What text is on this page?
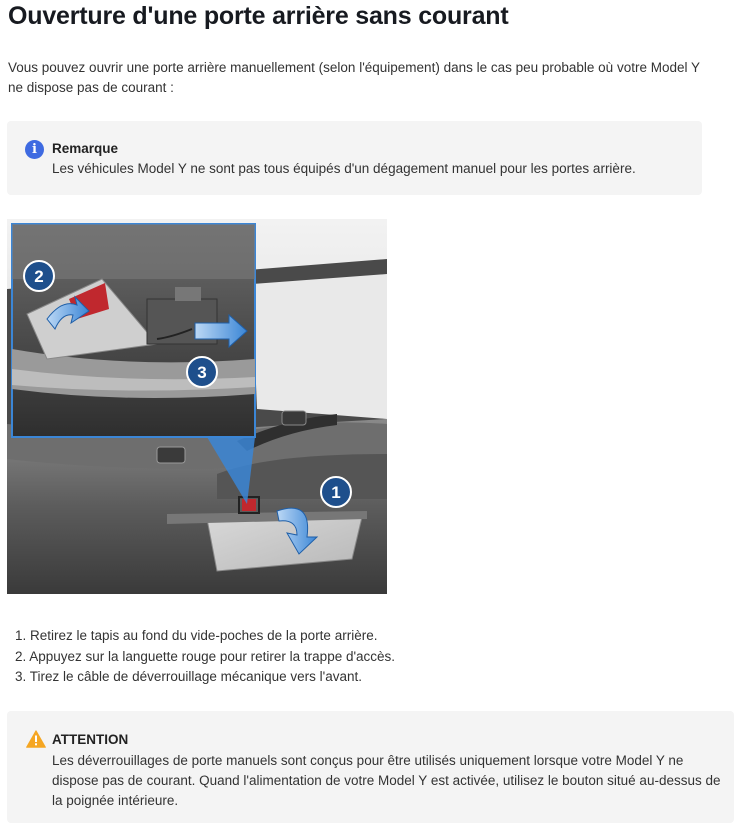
Ouverture d'une porte arrière sans courant

Vous pouvez ouvrir une porte arrière manuellement (selon l'équipement) dans le cas peu probable où votre Model Y ne dispose pas de courant :

i	Remarque
Les véhicules Model Y ne sont pas tous équipés d'un dégagement manuel pour les portes arrière.
2
3
1
1. Retirez le tapis au fond du vide-poches de la porte arrière.
2. Appuyez sur la languette rouge pour retirer la trappe d'accès.
3. Tirez le câble de déverrouillage mécanique vers l'avant.
ATTENTION

Les déverrouillages de porte manuels sont conçus pour être utilisés uniquement lorsque votre Model Y ne dispose pas de courant. Quand l'alimentation de votre Model Y est activée, utilisez le bouton situé au-dessus de la poignée intérieure.
